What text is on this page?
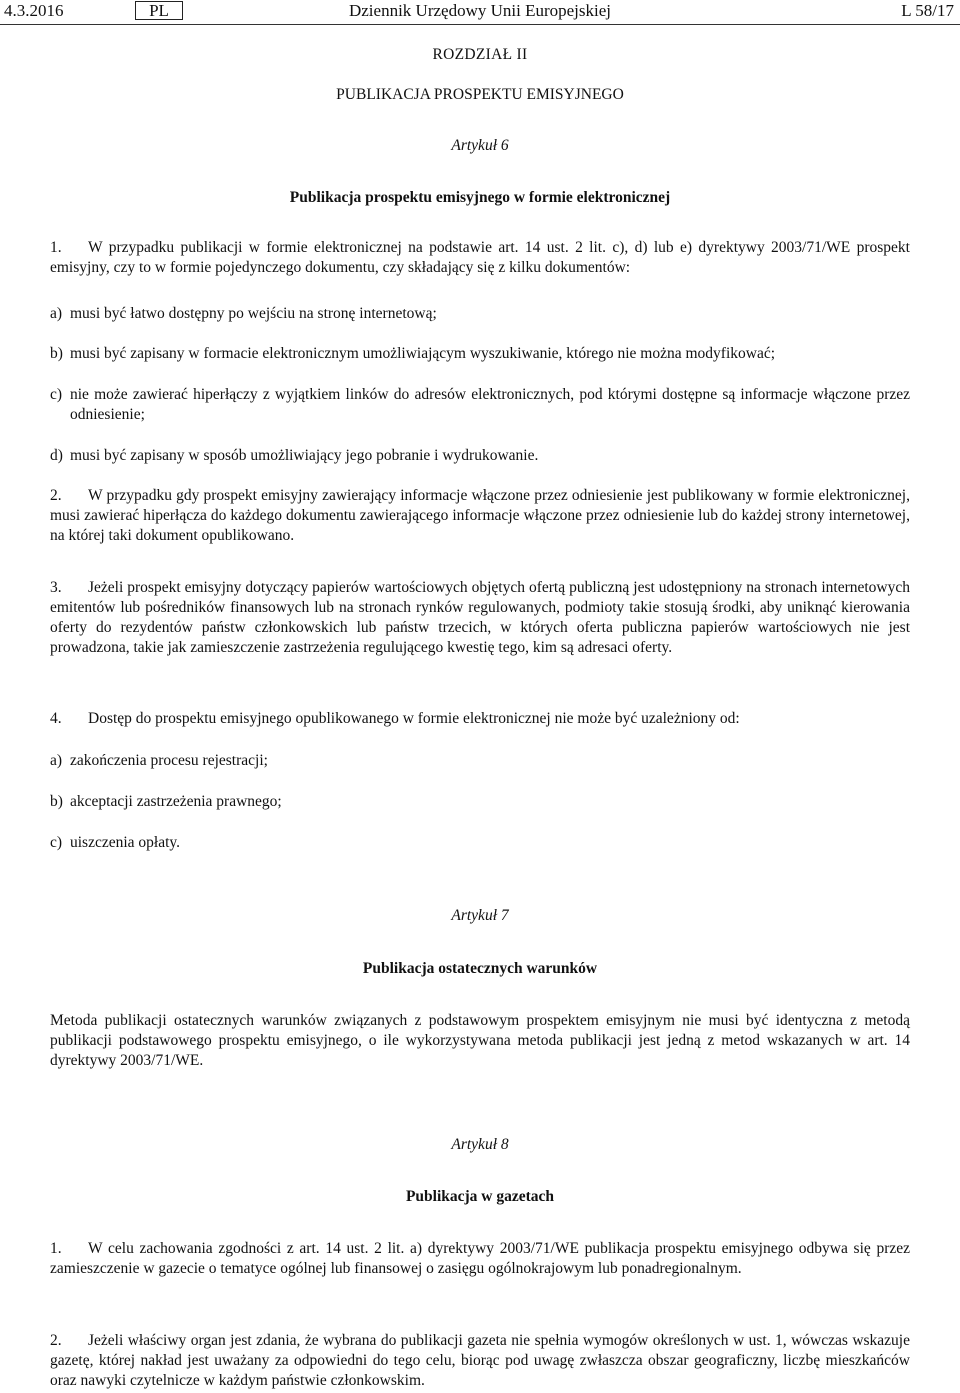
Dziennik Urzędowy Unii Europejskiej
4.3.2016	PL	L 58/17
ROZDZIAŁ II
PUBLIKACJA PROSPEKTU EMISYJNEGO
Artykuł 6
Publikacja prospektu emisyjnego w formie elektronicznej

1. W przypadku publikacji w formie elektronicznej na podstawie art. 14 ust. 2 lit. c), d) lub e) dyrektywy 2003/71/WE prospekt emisyjny, czy to w formie pojedynczego dokumentu, czy składający się z kilku dokumentów:

a) musi być łatwo dostępny po wejściu na stronę internetową;

b) musi być zapisany w formacie elektronicznym umożliwiającym wyszukiwanie, którego nie można modyfikować;

c) nie może zawierać hiperłączy z wyjątkiem linków do adresów elektronicznych, pod którymi dostępne są informacje włączone przez odniesienie;

d) musi być zapisany w sposób umożliwiający jego pobranie i wydrukowanie.

2. W przypadku gdy prospekt emisyjny zawierający informacje włączone przez odniesienie jest publikowany w formie elektronicznej, musi zawierać hiperłącza do każdego dokumentu zawierającego informacje włączone przez odniesienie lub do każdej strony internetowej, na której taki dokument opublikowano.

3. Jeżeli prospekt emisyjny dotyczący papierów wartościowych objętych ofertą publiczną jest udostępniony na stronach internetowych emitentów lub pośredników finansowych lub na stronach rynków regulowanych, podmioty takie stosują środki, aby uniknąć kierowania oferty do rezydentów państw członkowskich lub państw trzecich, w których oferta publiczna papierów wartościowych nie jest prowadzona, takie jak zamieszczenie zastrzeżenia regulującego kwestię tego, kim są adresaci oferty.

4. Dostęp do prospektu emisyjnego opublikowanego w formie elektronicznej nie może być uzależniony od:

a) zakończenia procesu rejestracji;

b) akceptacji zastrzeżenia prawnego;

c) uiszczenia opłaty.

Artykuł 7
Publikacja ostatecznych warunków

Metoda publikacji ostatecznych warunków związanych z podstawowym prospektem emisyjnym nie musi być identyczna z metodą publikacji podstawowego prospektu emisyjnego, o ile wykorzystywana metoda publikacji jest jedną z metod wskazanych w art. 14 dyrektywy 2003/71/WE.

Artykuł 8
Publikacja w gazetach

1. W celu zachowania zgodności z art. 14 ust. 2 lit. a) dyrektywy 2003/71/WE publikacja prospektu emisyjnego odbywa się przez zamieszczenie w gazecie o tematyce ogólnej lub finansowej o zasięgu ogólnokrajowym lub ponadregionalnym.

2. Jeżeli właściwy organ jest zdania, że wybrana do publikacji gazeta nie spełnia wymogów określonych w ust. 1, wówczas wskazuje gazetę, której nakład jest uważany za odpowiedni do tego celu, biorąc pod uwagę zwłaszcza obszar geograficzny, liczbę mieszkańców oraz nawyki czytelnicze w każdym państwie członkowskim.
